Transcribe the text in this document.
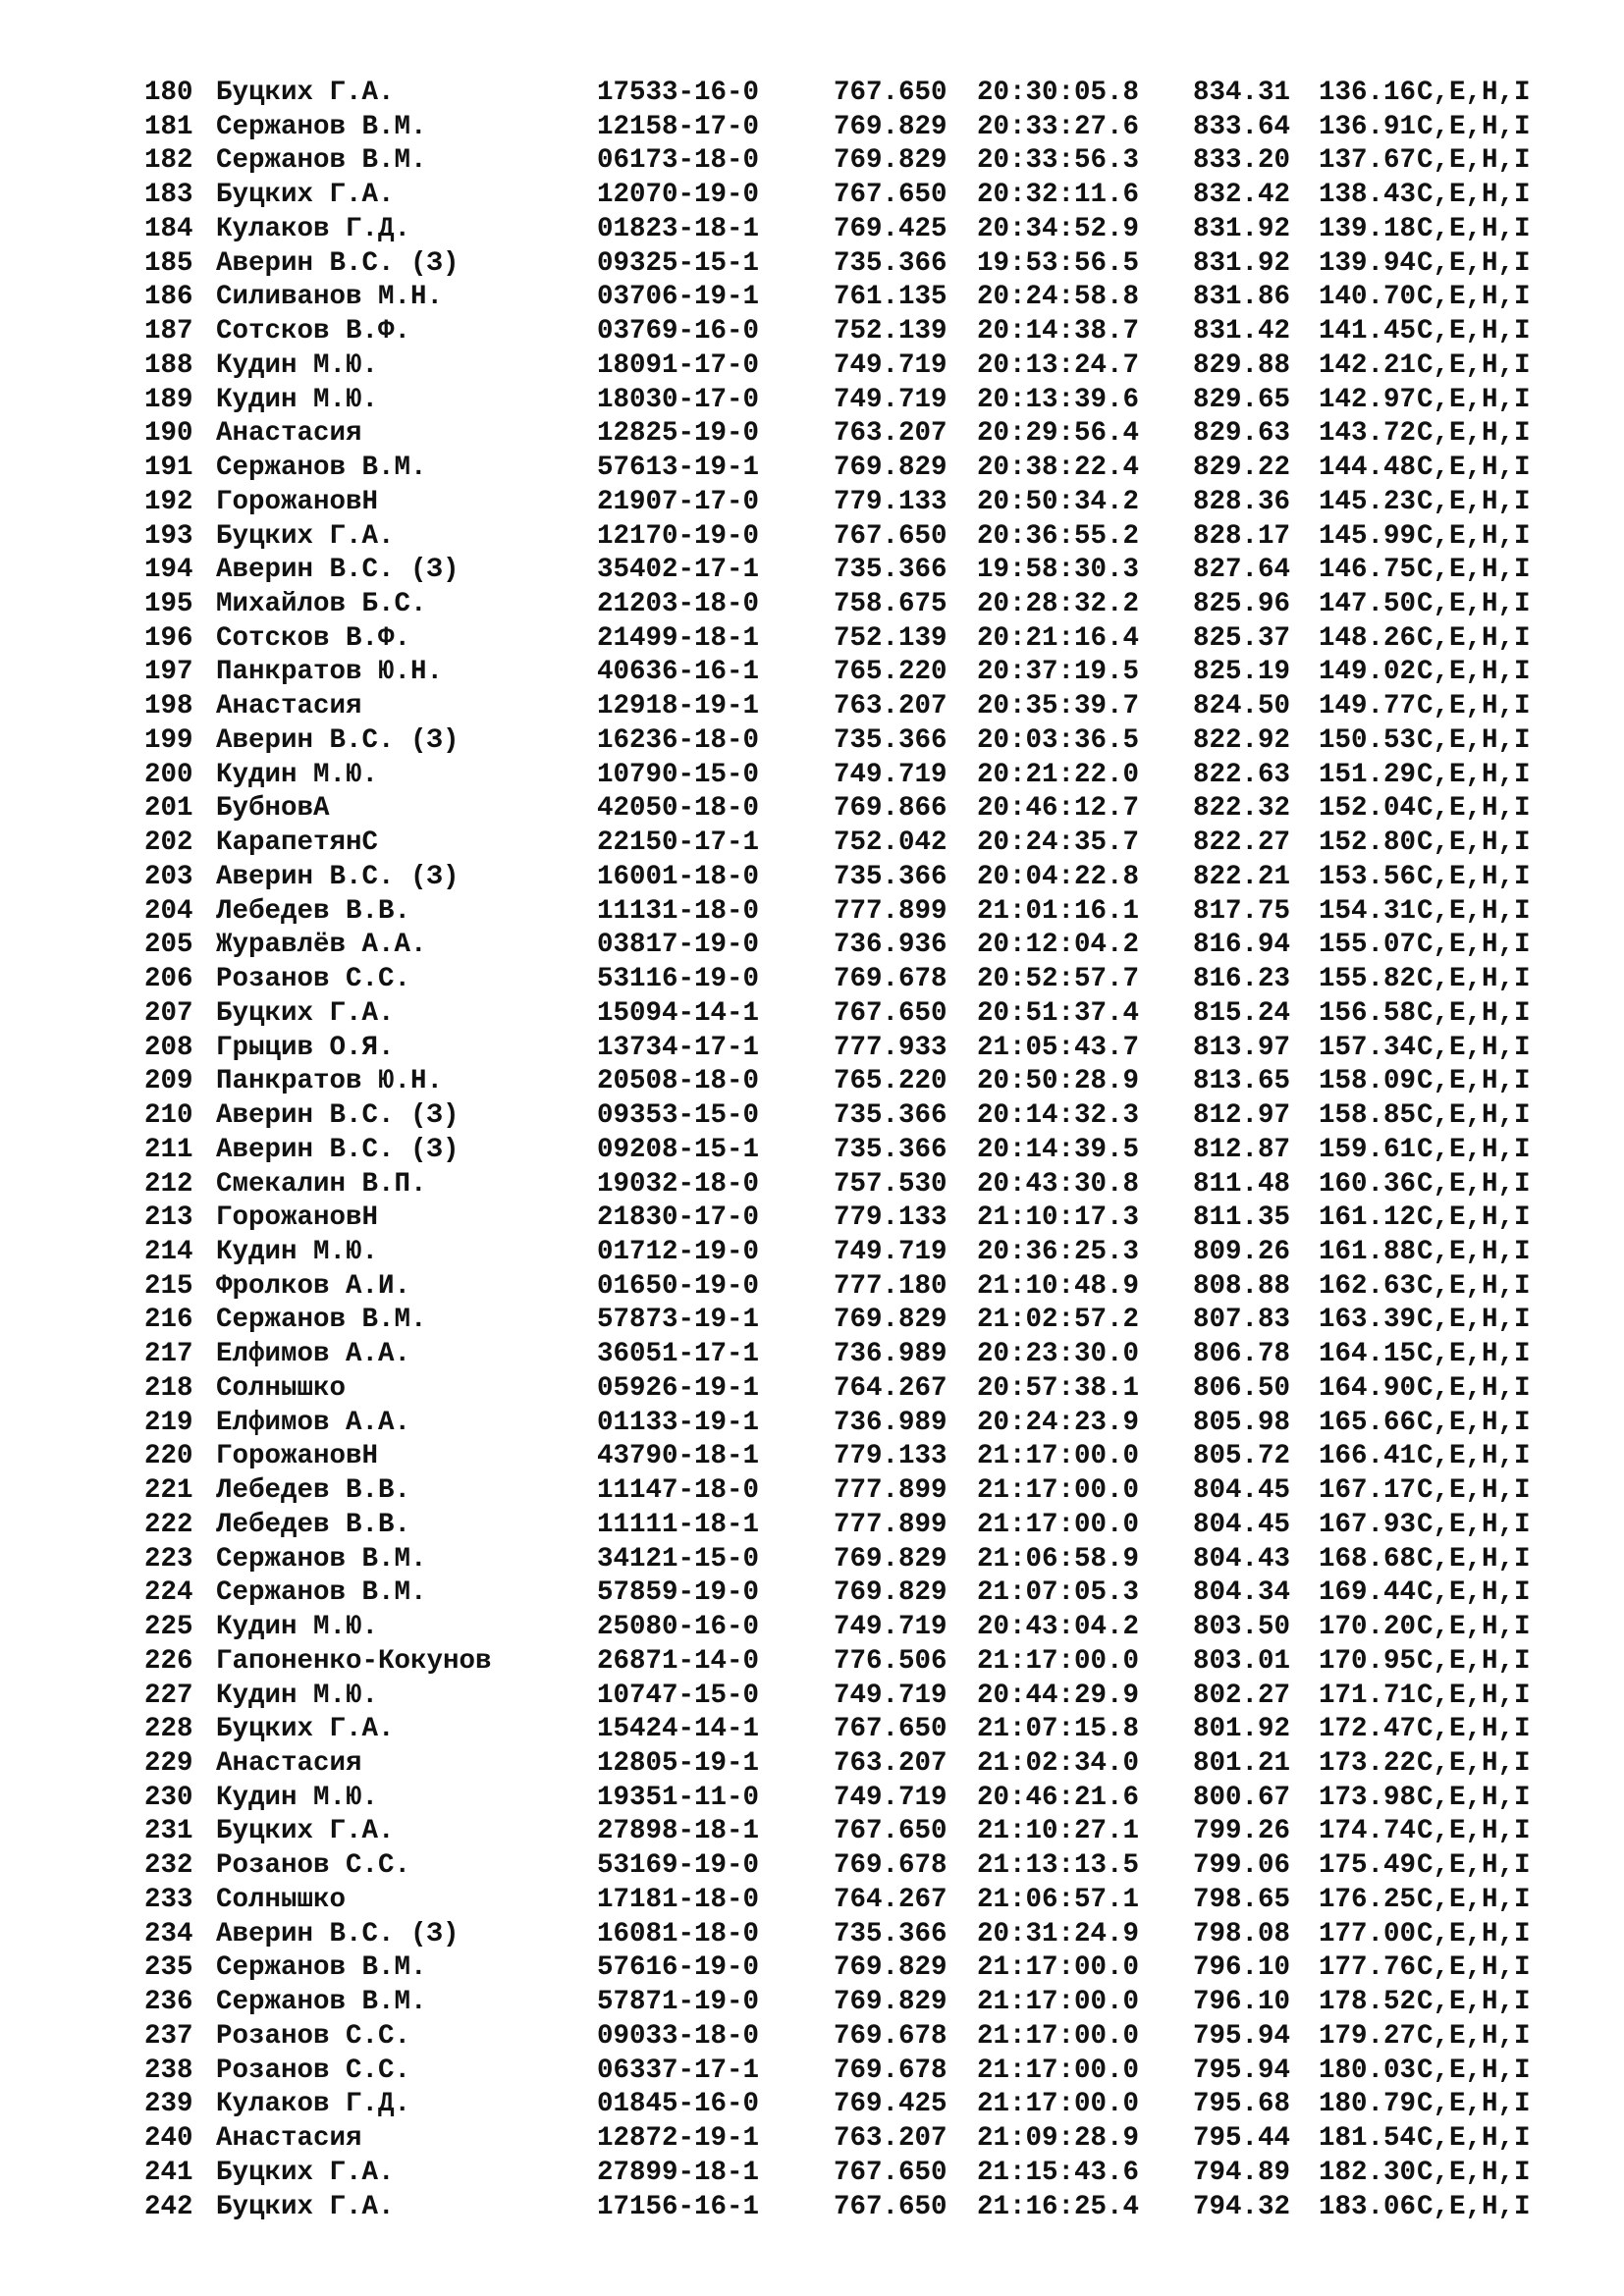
180	Буцких Г.А.	17533-16-0	767.650	20:30:05.8	834.31	136.16	C,E,H,I
181	Сержанов В.М.	12158-17-0	769.829	20:33:27.6	833.64	136.91	C,E,H,I
182	Сержанов В.М.	06173-18-0	769.829	20:33:56.3	833.20	137.67	C,E,H,I
183	Буцких Г.А.	12070-19-0	767.650	20:32:11.6	832.42	138.43	C,E,H,I
184	Кулаков Г.Д.	01823-18-1	769.425	20:34:52.9	831.92	139.18	C,E,H,I
185	Аверин В.С. (З)	09325-15-1	735.366	19:53:56.5	831.92	139.94	C,E,H,I
186	Силиванов М.Н.	03706-19-1	761.135	20:24:58.8	831.86	140.70	C,E,H,I
187	Сотсков В.Ф.	03769-16-0	752.139	20:14:38.7	831.42	141.45	C,E,H,I
188	Кудин М.Ю.	18091-17-0	749.719	20:13:24.7	829.88	142.21	C,E,H,I
189	Кудин М.Ю.	18030-17-0	749.719	20:13:39.6	829.65	142.97	C,E,H,I
190	Анастасия	12825-19-0	763.207	20:29:56.4	829.63	143.72	C,E,H,I
191	Сержанов В.М.	57613-19-1	769.829	20:38:22.4	829.22	144.48	C,E,H,I
192	ГорожановН	21907-17-0	779.133	20:50:34.2	828.36	145.23	C,E,H,I
193	Буцких Г.А.	12170-19-0	767.650	20:36:55.2	828.17	145.99	C,E,H,I
194	Аверин В.С. (З)	35402-17-1	735.366	19:58:30.3	827.64	146.75	C,E,H,I
195	Михайлов Б.С.	21203-18-0	758.675	20:28:32.2	825.96	147.50	C,E,H,I
196	Сотсков В.Ф.	21499-18-1	752.139	20:21:16.4	825.37	148.26	C,E,H,I
197	Панкратов Ю.Н.	40636-16-1	765.220	20:37:19.5	825.19	149.02	C,E,H,I
198	Анастасия	12918-19-1	763.207	20:35:39.7	824.50	149.77	C,E,H,I
199	Аверин В.С. (З)	16236-18-0	735.366	20:03:36.5	822.92	150.53	C,E,H,I
200	Кудин М.Ю.	10790-15-0	749.719	20:21:22.0	822.63	151.29	C,E,H,I
201	БубновА	42050-18-0	769.866	20:46:12.7	822.32	152.04	C,E,H,I
202	КарапетянС	22150-17-1	752.042	20:24:35.7	822.27	152.80	C,E,H,I
203	Аверин В.С. (З)	16001-18-0	735.366	20:04:22.8	822.21	153.56	C,E,H,I
204	Лебедев В.В.	11131-18-0	777.899	21:01:16.1	817.75	154.31	C,E,H,I
205	Журавлёв А.А.	03817-19-0	736.936	20:12:04.2	816.94	155.07	C,E,H,I
206	Розанов С.С.	53116-19-0	769.678	20:52:57.7	816.23	155.82	C,E,H,I
207	Буцких Г.А.	15094-14-1	767.650	20:51:37.4	815.24	156.58	C,E,H,I
208	Грыцив О.Я.	13734-17-1	777.933	21:05:43.7	813.97	157.34	C,E,H,I
209	Панкратов Ю.Н.	20508-18-0	765.220	20:50:28.9	813.65	158.09	C,E,H,I
210	Аверин В.С. (З)	09353-15-0	735.366	20:14:32.3	812.97	158.85	C,E,H,I
211	Аверин В.С. (З)	09208-15-1	735.366	20:14:39.5	812.87	159.61	C,E,H,I
212	Смекалин В.П.	19032-18-0	757.530	20:43:30.8	811.48	160.36	C,E,H,I
213	ГорожановН	21830-17-0	779.133	21:10:17.3	811.35	161.12	C,E,H,I
214	Кудин М.Ю.	01712-19-0	749.719	20:36:25.3	809.26	161.88	C,E,H,I
215	Фролков А.И.	01650-19-0	777.180	21:10:48.9	808.88	162.63	C,E,H,I
216	Сержанов В.М.	57873-19-1	769.829	21:02:57.2	807.83	163.39	C,E,H,I
217	Елфимов А.А.	36051-17-1	736.989	20:23:30.0	806.78	164.15	C,E,H,I
218	Солнышко	05926-19-1	764.267	20:57:38.1	806.50	164.90	C,E,H,I
219	Елфимов А.А.	01133-19-1	736.989	20:24:23.9	805.98	165.66	C,E,H,I
220	ГорожановН	43790-18-1	779.133	21:17:00.0	805.72	166.41	C,E,H,I
221	Лебедев В.В.	11147-18-0	777.899	21:17:00.0	804.45	167.17	C,E,H,I
222	Лебедев В.В.	11111-18-1	777.899	21:17:00.0	804.45	167.93	C,E,H,I
223	Сержанов В.М.	34121-15-0	769.829	21:06:58.9	804.43	168.68	C,E,H,I
224	Сержанов В.М.	57859-19-0	769.829	21:07:05.3	804.34	169.44	C,E,H,I
225	Кудин М.Ю.	25080-16-0	749.719	20:43:04.2	803.50	170.20	C,E,H,I
226	Гапоненко-Кокунов	26871-14-0	776.506	21:17:00.0	803.01	170.95	C,E,H,I
227	Кудин М.Ю.	10747-15-0	749.719	20:44:29.9	802.27	171.71	C,E,H,I
228	Буцких Г.А.	15424-14-1	767.650	21:07:15.8	801.92	172.47	C,E,H,I
229	Анастасия	12805-19-1	763.207	21:02:34.0	801.21	173.22	C,E,H,I
230	Кудин М.Ю.	19351-11-0	749.719	20:46:21.6	800.67	173.98	C,E,H,I
231	Буцких Г.А.	27898-18-1	767.650	21:10:27.1	799.26	174.74	C,E,H,I
232	Розанов С.С.	53169-19-0	769.678	21:13:13.5	799.06	175.49	C,E,H,I
233	Солнышко	17181-18-0	764.267	21:06:57.1	798.65	176.25	C,E,H,I
234	Аверин В.С. (З)	16081-18-0	735.366	20:31:24.9	798.08	177.00	C,E,H,I
235	Сержанов В.М.	57616-19-0	769.829	21:17:00.0	796.10	177.76	C,E,H,I
236	Сержанов В.М.	57871-19-0	769.829	21:17:00.0	796.10	178.52	C,E,H,I
237	Розанов С.С.	09033-18-0	769.678	21:17:00.0	795.94	179.27	C,E,H,I
238	Розанов С.С.	06337-17-1	769.678	21:17:00.0	795.94	180.03	C,E,H,I
239	Кулаков Г.Д.	01845-16-0	769.425	21:17:00.0	795.68	180.79	C,E,H,I
240	Анастасия	12872-19-1	763.207	21:09:28.9	795.44	181.54	C,E,H,I
241	Буцких Г.А.	27899-18-1	767.650	21:15:43.6	794.89	182.30	C,E,H,I
242	Буцких Г.А.	17156-16-1	767.650	21:16:25.4	794.32	183.06	C,E,H,I
